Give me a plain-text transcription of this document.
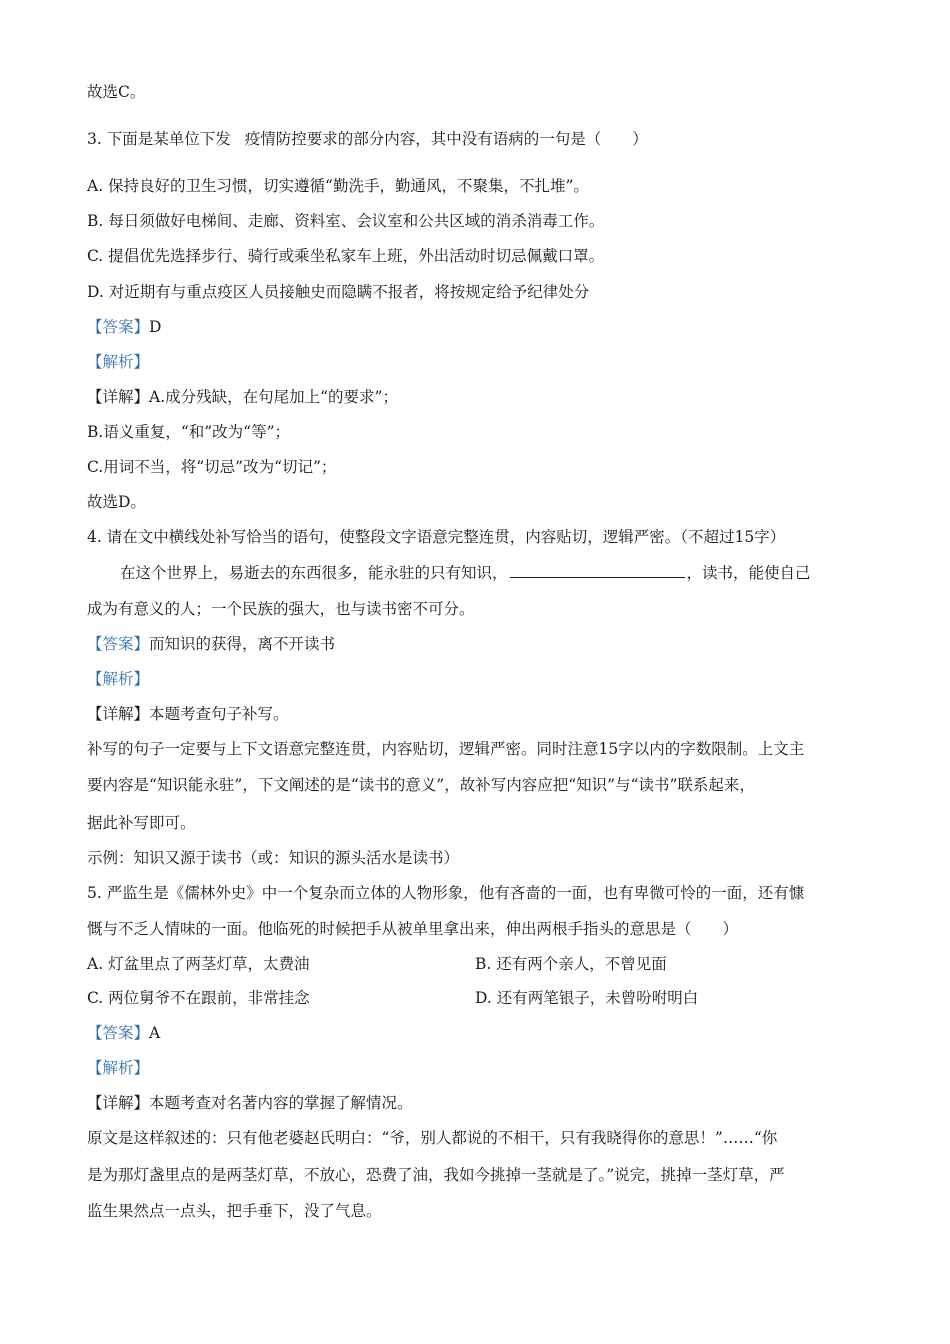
故选C。
3. 下面是某单位下发 疫情防控要求的部分内容，其中没有语病的一句是（　　）
A. 保持良好的卫生习惯，切实遵循“勤洗手，勤通风，不聚集，不扎堆”。
B. 每日须做好电梯间、走廊、资料室、会议室和公共区域的消杀消毒工作。
C. 提倡优先选择步行、骑行或乘坐私家车上班，外出活动时切忌佩戴口罩。
D. 对近期有与重点疫区人员接触史而隐瞒不报者，将按规定给予纪律处分
【答案】D
【解析】
【详解】A.成分残缺，在句尾加上“的要求”；
B.语义重复，“和”改为“等”；
C.用词不当，将“切忌”改为“切记”；
故选D。
4. 请在文中横线处补写恰当的语句，使整段文字语意完整连贯，内容贴切，逻辑严密。（不超过15字）
在这个世界上，易逝去的东西很多，能永驻的只有知识，	，读书，能使自己
成为有意义的人；一个民族的强大，也与读书密不可分。
【答案】而知识的获得，离不开读书
【解析】
【详解】本题考查句子补写。
补写的句子一定要与上下文语意完整连贯，内容贴切，逻辑严密。同时注意15字以内的字数限制。上文主
要内容是“知识能永驻”，下文阐述的是“读书的意义”，故补写内容应把“知识”与“读书”联系起来，
据此补写即可。
示例：知识又源于读书（或：知识的源头活水是读书）
5. 严监生是《儒林外史》中一个复杂而立体的人物形象，他有吝啬的一面，也有卑微可怜的一面，还有慷
慨与不乏人情味的一面。他临死的时候把手从被单里拿出来，伸出两根手指头的意思是（　　）
A. 灯盆里点了两茎灯草，太费油	B. 还有两个亲人，不曾见面
C. 两位舅爷不在跟前，非常挂念	D. 还有两笔银子，未曾吩咐明白
【答案】A
【解析】
【详解】本题考查对名著内容的掌握了解情况。
原文是这样叙述的：只有他老婆赵氏明白：“爷，别人都说的不相干，只有我晓得你的意思！”……“你
是为那灯盏里点的是两茎灯草，不放心，恐费了油，我如今挑掉一茎就是了。”说完，挑掉一茎灯草，严
监生果然点一点头，把手垂下，没了气息。
